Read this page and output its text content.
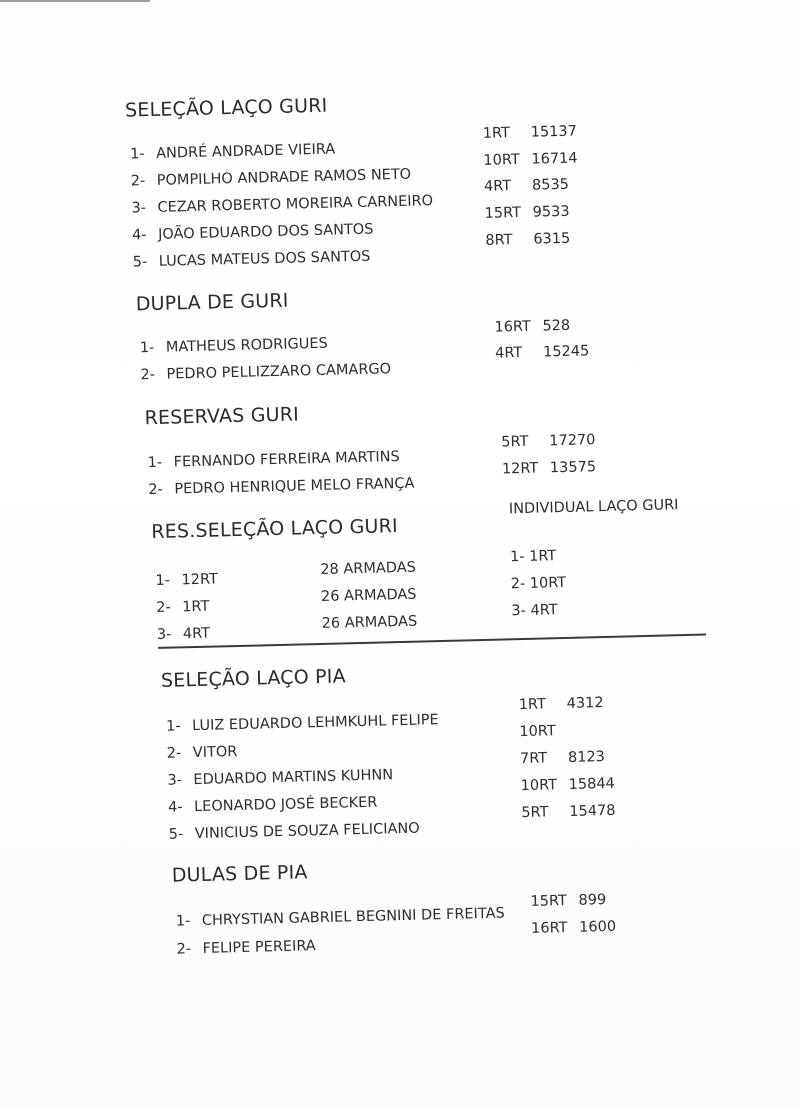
SELEÇÃO LAÇO GURI
1- ANDRÉ ANDRADE VIEIRA
1RT 15137
2- POMPILHO ANDRADE RAMOS NETO
10RT 16714
3- CEZAR ROBERTO MOREIRA CARNEIRO
4RT 8535
4- JOÃO EDUARDO DOS SANTOS
15RT 9533
5- LUCAS MATEUS DOS SANTOS
8RT 6315
DUPLA DE GURI
1- MATHEUS RODRIGUES
16RT 528
2- PEDRO PELLIZZARO CAMARGO
4RT 15245
RESERVAS GURI
1- FERNANDO FERREIRA MARTINS
5RT 17270
2- PEDRO HENRIQUE MELO FRANÇA
12RT 13575
RES.SELEÇÃO LAÇO GURI
INDIVIDUAL LAÇO GURI
1- 12RT
28 ARMADAS
1- 1RT
2- 1RT
26 ARMADAS
2- 10RT
3- 4RT
26 ARMADAS
3- 4RT
SELEÇÃO LAÇO PIA
1- LUIZ EDUARDO LEHMKUHL FELIPE
1RT 4312
2- VITOR
10RT
3- EDUARDO MARTINS KUHNN
7RT 8123
4- LEONARDO JOSÉ BECKER
10RT 15844
5- VINICIUS DE SOUZA FELICIANO
5RT 15478
DULAS DE PIA
1- CHRYSTIAN GABRIEL BEGNINI DE FREITAS
15RT 899
2- FELIPE PEREIRA
16RT 1600
